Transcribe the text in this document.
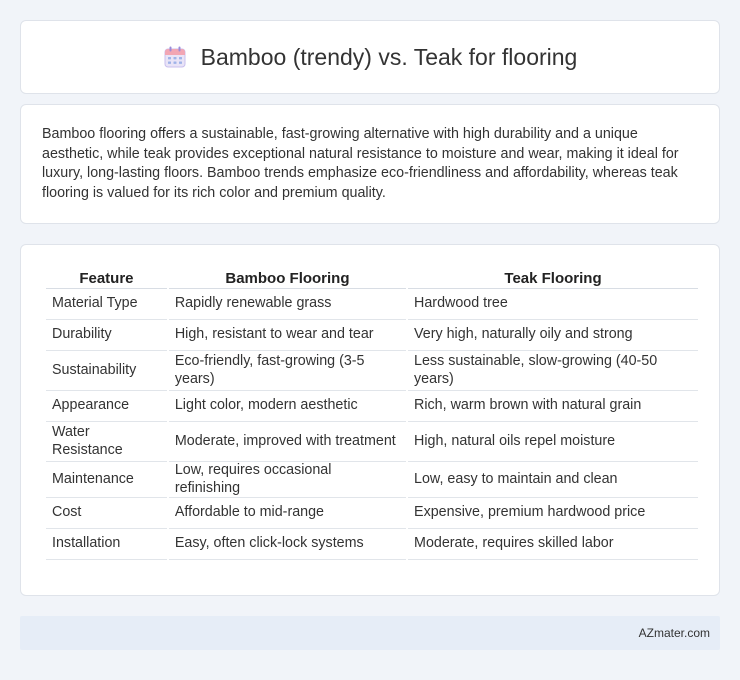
Bamboo (trendy) vs. Teak for flooring

Bamboo flooring offers a sustainable, fast-growing alternative with high durability and a unique aesthetic, while teak provides exceptional natural resistance to moisture and wear, making it ideal for luxury, long-lasting floors. Bamboo trends emphasize eco-friendliness and affordability, whereas teak flooring is valued for its rich color and premium quality.

Feature	Bamboo Flooring	Teak Flooring
Material Type	Rapidly renewable grass	Hardwood tree
Durability	High, resistant to wear and tear	Very high, naturally oily and strong
Sustainability	Eco-friendly, fast-growing (3-5 years)	Less sustainable, slow-growing (40-50 years)
Appearance	Light color, modern aesthetic	Rich, warm brown with natural grain
Water Resistance	Moderate, improved with treatment	High, natural oils repel moisture
Maintenance	Low, requires occasional refinishing	Low, easy to maintain and clean
Cost	Affordable to mid-range	Expensive, premium hardwood price
Installation	Easy, often click-lock systems	Moderate, requires skilled labor
AZmater.com
